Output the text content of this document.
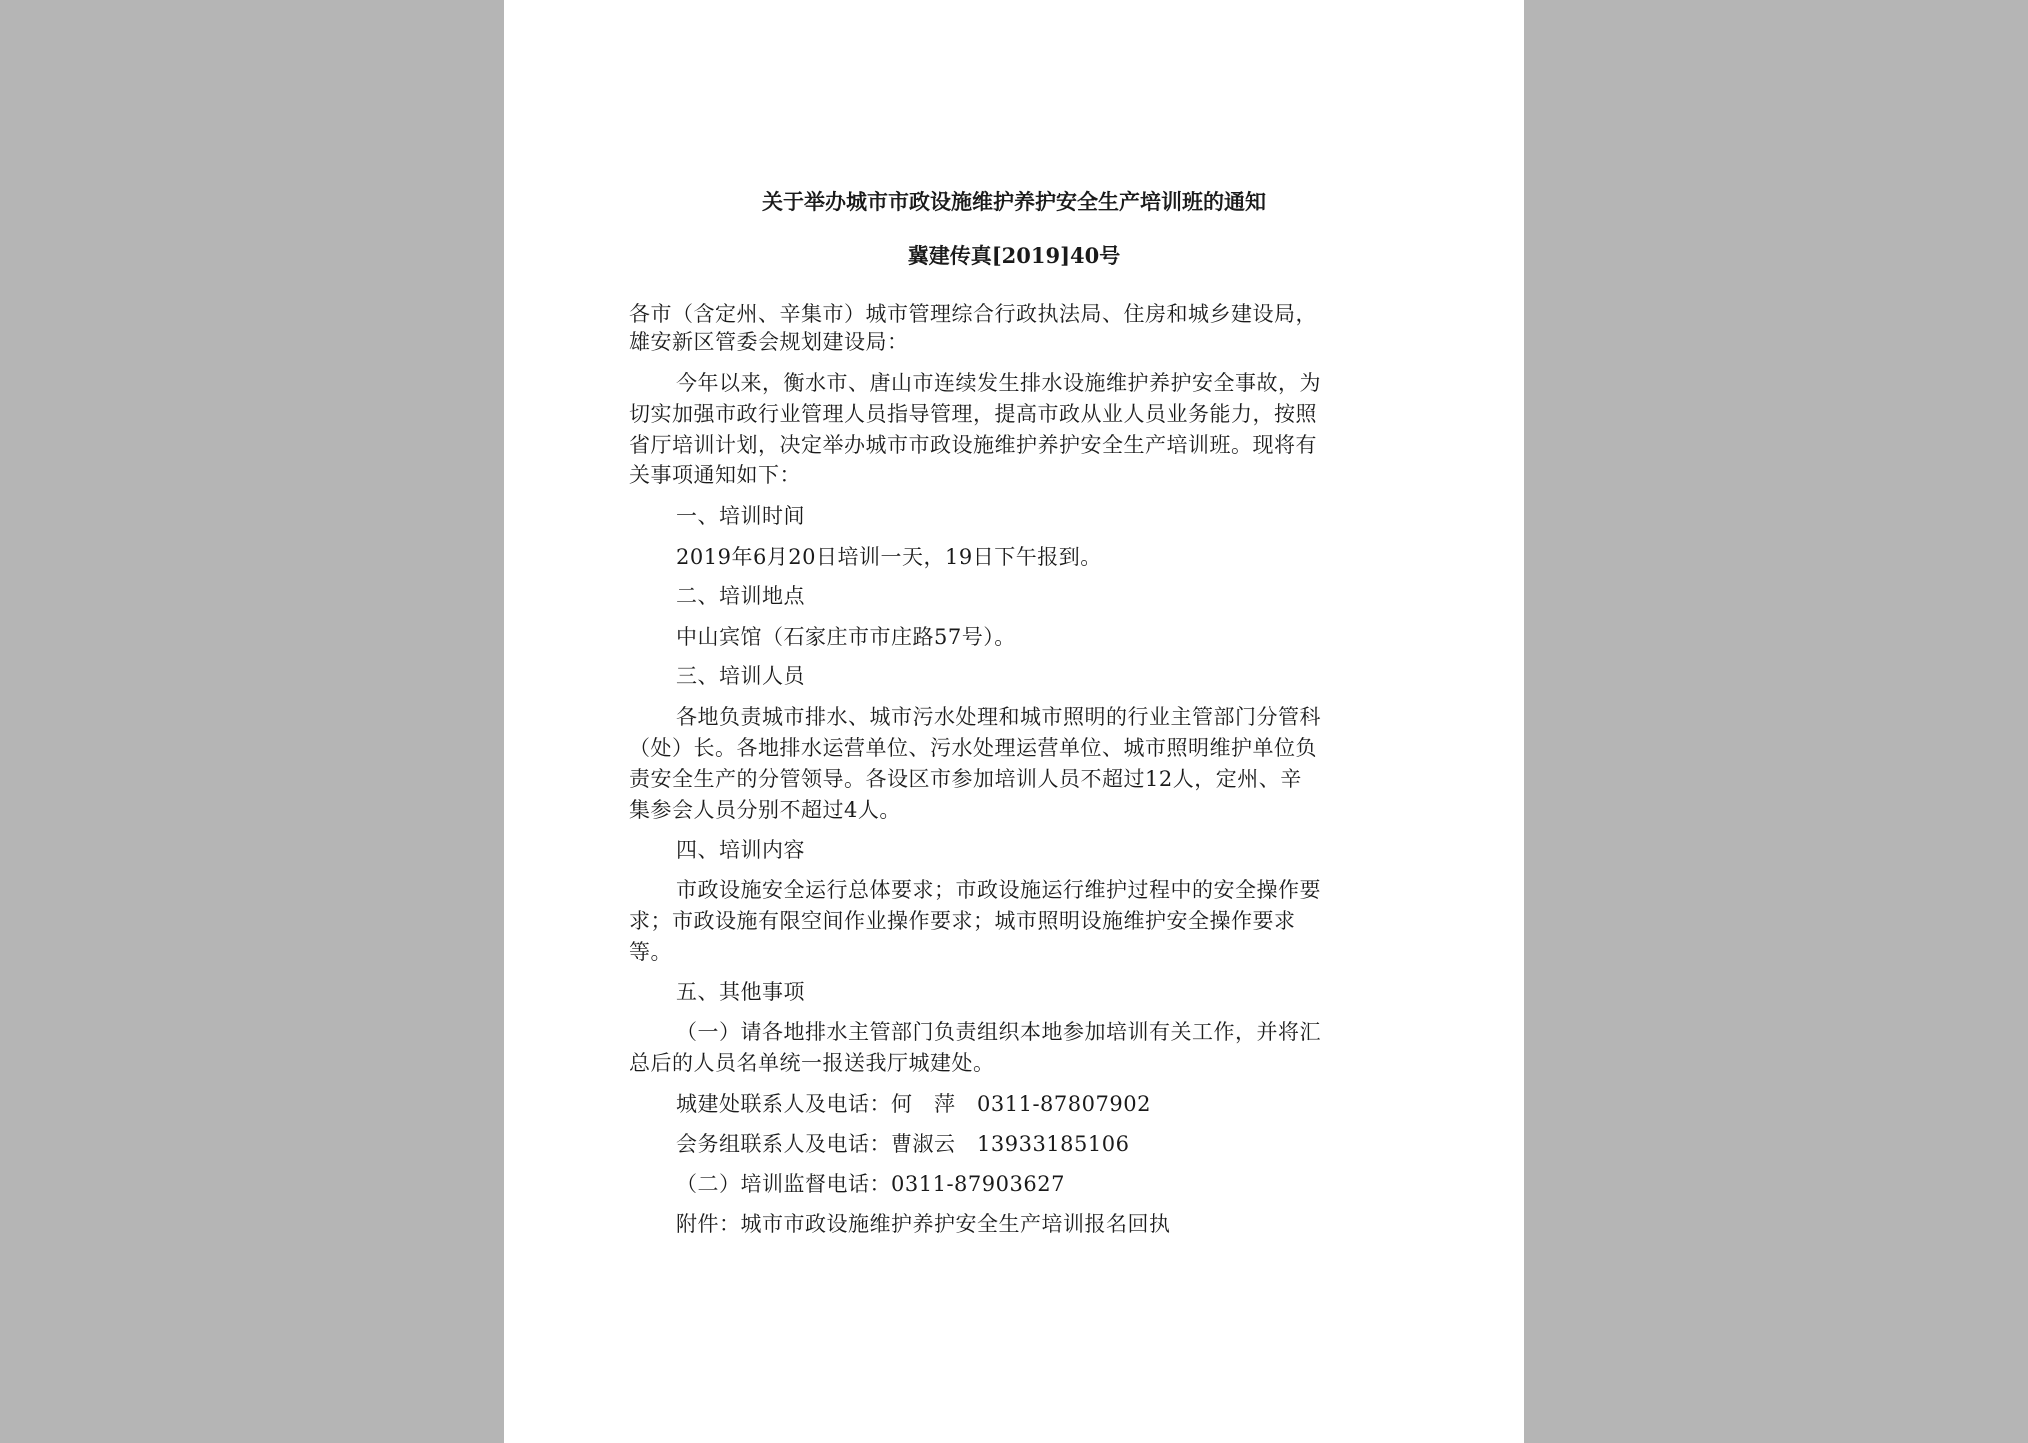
关于举办城市市政设施维护养护安全生产培训班的通知
冀建传真[2019]40号
各市（含定州、辛集市）城市管理综合行政执法局、住房和城乡建设局，
雄安新区管委会规划建设局：
今年以来，衡水市、唐山市连续发生排水设施维护养护安全事故，为
切实加强市政行业管理人员指导管理，提高市政从业人员业务能力，按照
省厅培训计划，决定举办城市市政设施维护养护安全生产培训班。现将有
关事项通知如下：
一、培训时间
2019年6月20日培训一天，19日下午报到。
二、培训地点
中山宾馆（石家庄市市庄路57号）。
三、培训人员
各地负责城市排水、城市污水处理和城市照明的行业主管部门分管科
（处）长。各地排水运营单位、污水处理运营单位、城市照明维护单位负
责安全生产的分管领导。各设区市参加培训人员不超过12人，定州、辛
集参会人员分别不超过4人。
四、培训内容
市政设施安全运行总体要求；市政设施运行维护过程中的安全操作要
求；市政设施有限空间作业操作要求；城市照明设施维护安全操作要求
等。
五、其他事项
（一）请各地排水主管部门负责组织本地参加培训有关工作，并将汇
总后的人员名单统一报送我厅城建处。
城建处联系人及电话：何　萍　0311-87807902
会务组联系人及电话：曹淑云　13933185106
（二）培训监督电话：0311-87903627
附件：城市市政设施维护养护安全生产培训报名回执
